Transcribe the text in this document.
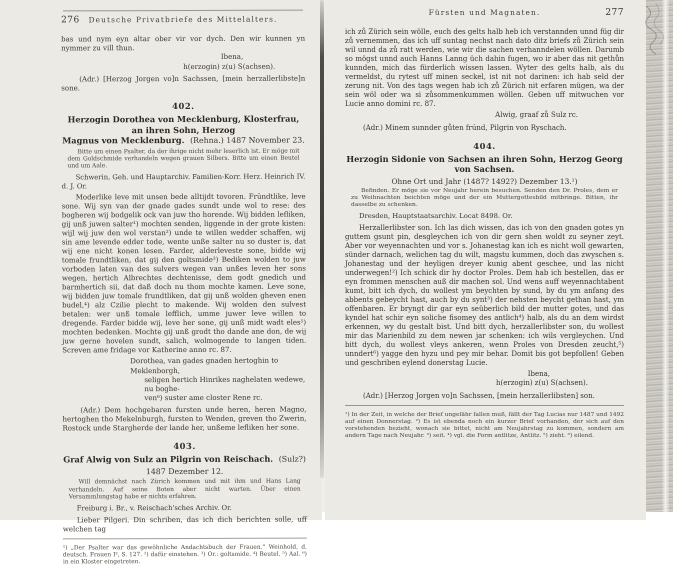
276	Deutsche Privatbriefe des Mittelalters.

bas und nym eyn altar ober vir vor dych. Den wir kunnen yn nymmer zu vill thun.

Ibena,
h(erzogin) z(u) S(achsen).

(Adr.) [Herzog Jorgen vo]n Sachssen, [mein herzallerlibste]n sone.

402.
Herzogin Dorothea von Mecklenburg, Klosterfrau, an ihren Sohn, Herzog
Magnus von Mecklenburg. (Rehna.) 1487 November 23.

Bitte um einen Psalter, da der ihrige nicht mehr leserlich ist. Er möge mit dem Goldschmide verhandeln wegen grauen Silbers. Bitte um einen Beutel und um Aale.

Schwerin, Geh. und Hauptarchiv. Familien-Korr. Herz. Heinrich IV. d. J. Or.

Moderlike leve mit unsen bede alltijdt tovoren. Fründtlike, leve sone. Wij syn van der gnade gades sundt unde wol to rese: des bogheren wij bodgelik ock van juw tho horende. Wij bidden lefliken, gij unß juwen salter¹) mochten senden, liggende in der grote kisten: wijl wij juw den wol verstan²) unde te willen wedder schaffen, wij sin ame levende edder tode, wente unße salter nu so duster is, dat wij ene nicht konen lesen. Farder, alderleveste sone, bidde wij tomale frundtliken, dat gij den goltsmide³) Bediken wolden to juw vorboden laten van des sulvers wegen van unßes leven her sons wegen, hertich Albrechtes dechtenisse, dem godt gnedich und barmhertich sii, dat daß doch nu thom mochte kamen. Leve sone, wij bidden juw tomale frundtliken, dat gij unß wolden gheven enen budel,⁴) alz Czilie plecht to makende. Wij wolden den sulvest betalen: wer unß tomale lefflich, umme juwer leve willen to dregende. Farder bidde wij, leve her sone, gij unß midt wadt eles⁵) mochten bedenken. Mochte gij unß grodt tho dande ane don, de wij juw gerne hovelen sundt, salich, wolmogende to langen tiden. Screven ame fridage vor Katherine anno rc. 87.

Dorothea, van gades gnaden hertoghin to Meklenborgh,
seligen hertich Hinrikes naghelaten wedewe, nu boghe-
ven⁶) suster ame closter Rene rc.

(Adr.) Dem hochgebaren fursten unde heren, heren Magno, hertoghen tho Mekelnburgh, fursten to Wenden, greven tho Zwerin, Rostock unde Stargherde der lande her, unßeme lefliken her sone.

403.
Graf Alwig von Sulz an Pilgrin von Reischach. (Sulz?) 1487 Dezember 12.

Will demnächst nach Zürich kommen und mit ihm und Hans Lang verhandeln. Auf seine Boten aber nicht warten. Über einen Versammlungstag habe er nichts erfahren.

Freiburg i. Br., v. Reischach'sches Archiv. Or.

Lieber Pilgeri. Din schriben, das ich dich berichten solle, uff welchen tag

¹) „Der Psalter war das gewöhnliche Andachtsbuch der Frauen.“ Weinhold, d. deutsch. Frauen I², S. 127. ²) dafür einstehen. ³) Or.: goltsmide. ⁴) Beutel. ⁵) Aal. ⁶) in ein Kloster eingetreten.

Fürsten und Magnaten.	277

ich zů Zürich sein wölle, euch des gelts halb heb ich verstannden unnd füg dir zů vernemmen, das ich uff suntag nechst nach dato ditz briefs zů Zürich sein wil unnd da zů ratt werden, wie wir die sachen verhanndelen wöllen. Darumb so mögst unnd auch Hanns Lanng üch dahin fugen, wo ir aber das nit gethůn kunnden, mich das fürderlich wissen lassen. Wyter des gelts halb, als du vermeldst, du rytest uff minen seckel, ist nit not darinen: ich hab seld der zerung nit. Von des tags wegen hab ich zů Zürich nit erfaren mügen, wa der sein wöl oder wa si zůsommenkummen wöllen. Geben uff mitwuchen vor Lucie anno domini rc. 87.

Alwig, graaf zů Sulz rc.

(Adr.) Minem sunnder gůten frúnd, Pilgrin von Ryschach.

404.
Herzogin Sidonie von Sachsen an ihren Sohn, Herzog Georg von Sachsen.
Ohne Ort und Jahr (1487? 1492?) Dezember 13.¹)

Befinden. Er möge sie vor Neujahr herein besuchen. Senden den Dr. Proles, dem er zu Weihnachten beichten möge und der ein Muttergottesbild mitbringe. Bitten, ihr dasselbe zu schenken.

Dresden, Hauptstaatsarchiv. Locat 8498. Or.

Herzallerlibster son. Ich las dich wissen, das ich von den gnaden gotes yn guttem gsunt pin, desgleychen ich von dir gern shen woldt zu seyner zeyt. Aber vor weyennachten und vor s. Johanestag kan ich es nicht woll gewarten, sünder darnach, welichen tag du wilt, magstu kummen, doch das zwyschen s. Johanestag und der heyligen dreyer kunig abent geschee, und las nicht underwegen!²) Ich schick dir hy doctor Proles. Dem hab ich bestellen, das er eyn frommen menschen auß dir machen sol. Und wens auff weyennachtabent kumt, bitt ich dych, du wollest ym beychten by sund, by du ym anfang des abbents gebeycht hast, auch by du synt³) der nehsten beycht gethan hast, ym offenbaren. Er bryngt dir gar eyn seüberlich bild der mutter gotes, und das kyndel hat schir eyn soliche fisomey des antlich⁴) halb, als du an dem wirdst erkennen, wy du gestalt bist. Und bitt dych, herzallerlibster son, du wollest mir das Marienbild zu dem newen jar schenken: ich wils vergleychen. Und bitt dych, du wollest vleys ankeren, wenn Proles von Dresden zeucht,⁵) unndert⁶) yagge den hyzu und pey mir behar. Domit bis got bepfollen! Geben und geschriben eylend donerstag Lucie.

Ibena,
h(erzogin) z(u) S(achsen).

(Adr.) [Herzog Jorgen vo]n Sachssen, [mein herzallerlibsten] son.

¹) In der Zeit, in welche der Brief ungefähr fallen muß, fällt der Tag Lucias nur 1487 und 1492 auf einen Donnerstag. ²) Es ist ebenda noch ein kurzer Brief vorhanden, der sich auf den vorstehenden bezieht, wonach sie bittet, nicht am Neujahrstag zu kommen, sondern am andern Tage nach Neujahr. ³) seit. ⁴) vgl. die Form antlitze, Antlitz. ⁵) zieht. ⁶) eilend.
